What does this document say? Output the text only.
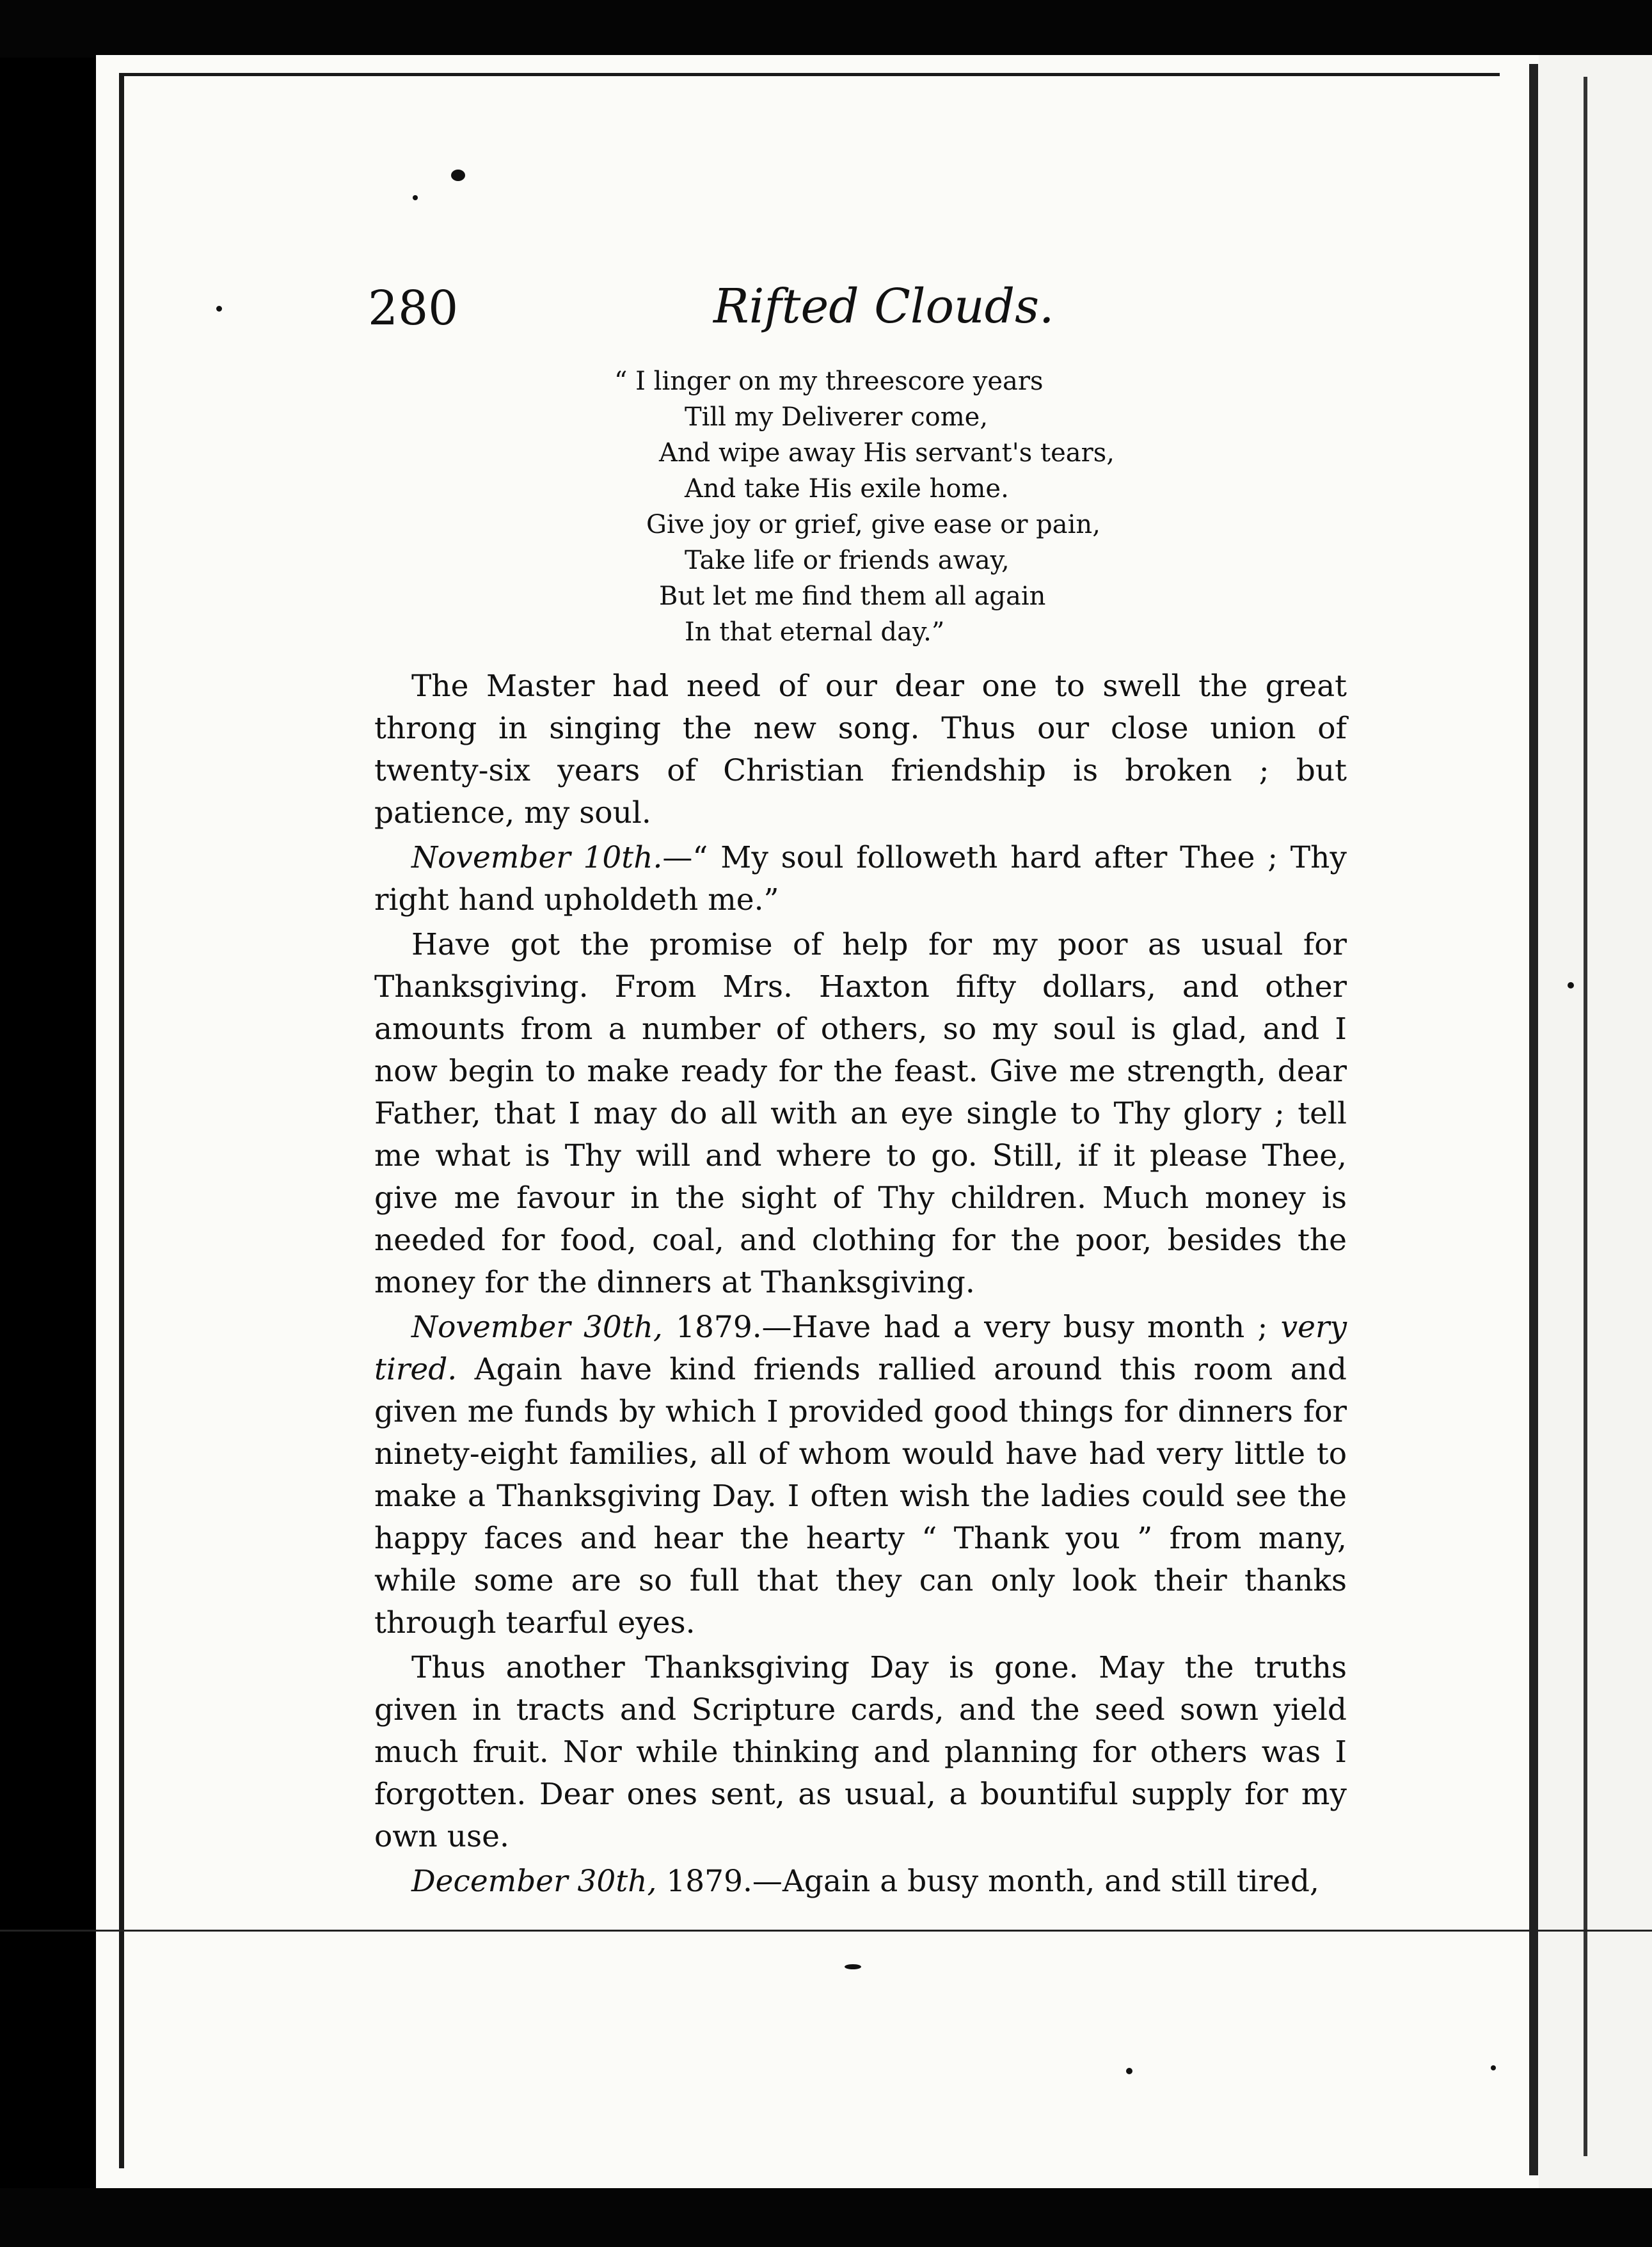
280	Rifted Clouds.
“ I linger on my threescore years
Till my Deliverer come,
And wipe away His servant's tears,
And take His exile home.
Give joy or grief, give ease or pain,
Take life or friends away,
But let me find them all again
In that eternal day.”

The Master had need of our dear one to swell the great throng in singing the new song. Thus our close union of twenty-six years of Christian friendship is broken ; but patience, my soul.

November 10th.—“ My soul followeth hard after Thee ; Thy right hand upholdeth me.”

Have got the promise of help for my poor as usual for Thanksgiving. From Mrs. Haxton fifty dollars, and other amounts from a number of others, so my soul is glad, and I now begin to make ready for the feast. Give me strength, dear Father, that I may do all with an eye single to Thy glory ; tell me what is Thy will and where to go. Still, if it please Thee, give me favour in the sight of Thy children. Much money is needed for food, coal, and clothing for the poor, besides the money for the dinners at Thanksgiving.

November 30th, 1879.—Have had a very busy month ; very tired. Again have kind friends rallied around this room and given me funds by which I provided good things for dinners for ninety-eight families, all of whom would have had very little to make a Thanksgiving Day. I often wish the ladies could see the happy faces and hear the hearty “ Thank you ” from many, while some are so full that they can only look their thanks through tearful eyes.

Thus another Thanksgiving Day is gone. May the truths given in tracts and Scripture cards, and the seed sown yield much fruit. Nor while thinking and planning for others was I forgotten. Dear ones sent, as usual, a bountiful supply for my own use.

December 30th, 1879.—Again a busy month, and still tired,
